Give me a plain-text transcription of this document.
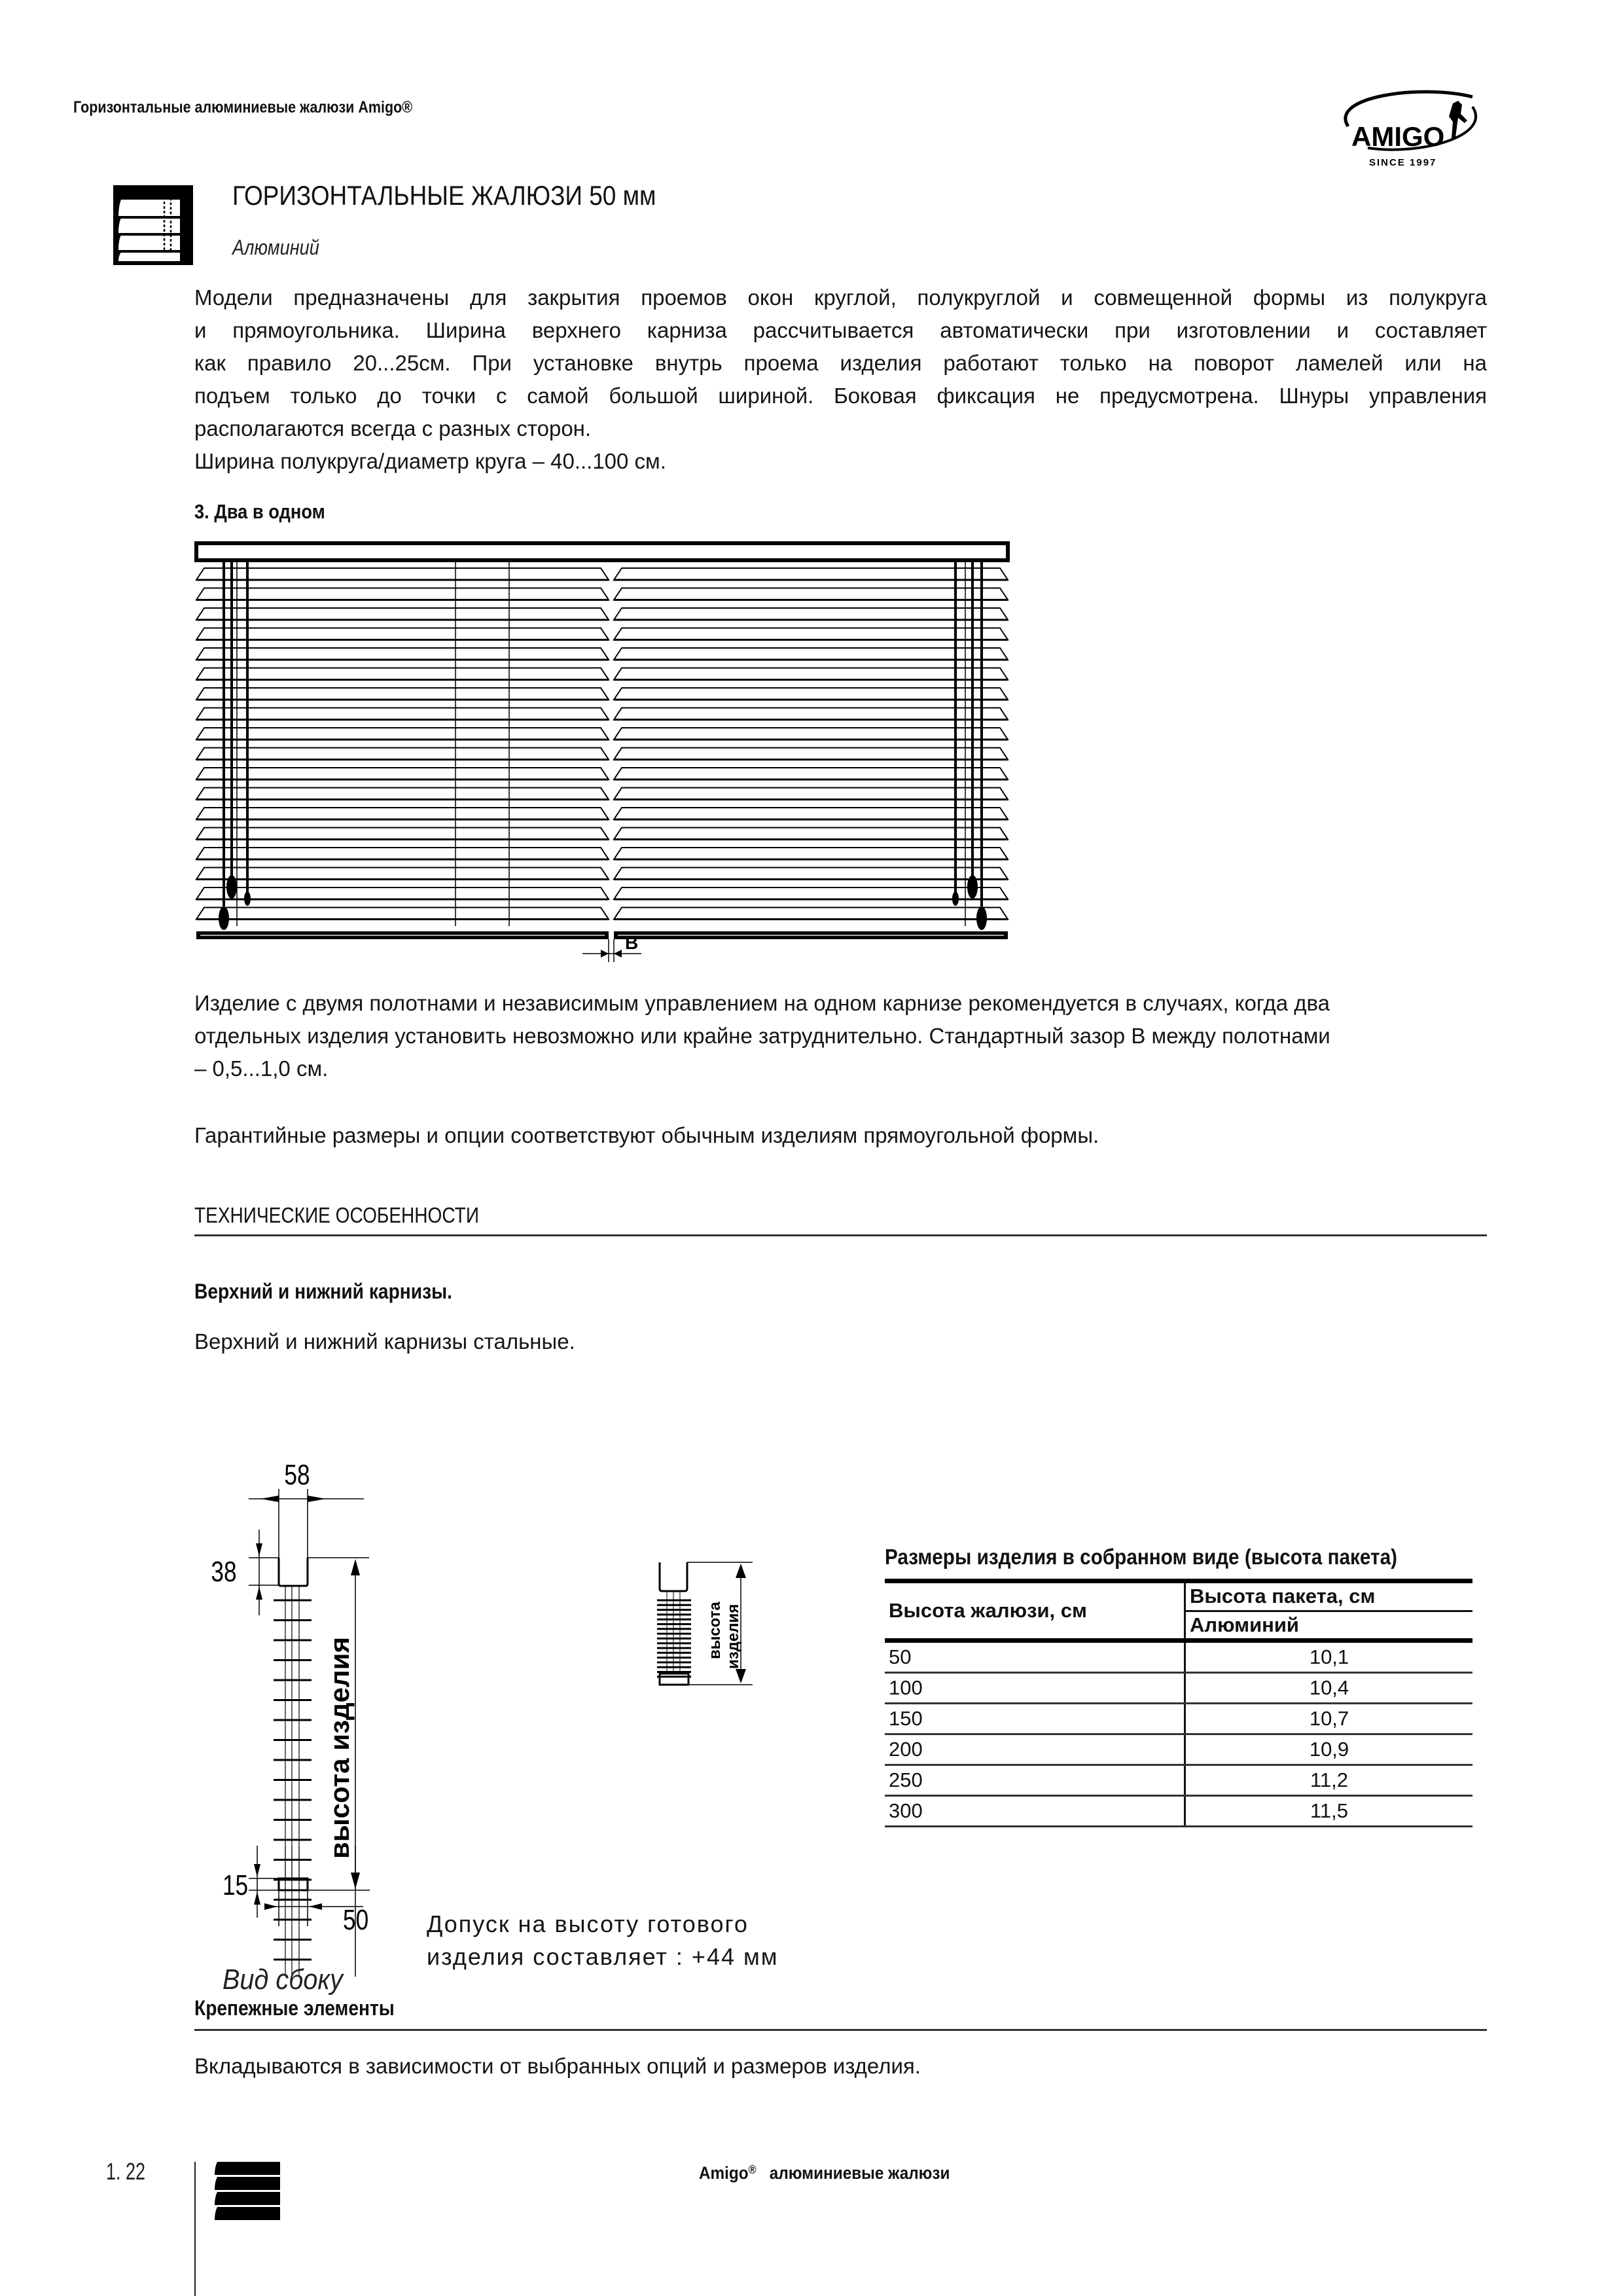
Горизонтальные алюминиевые жалюзи Amigo®
AMIGO
SINCE 1997
ГОРИЗОНТАЛЬНЫЕ ЖАЛЮЗИ 50 мм
Алюминий
Модели предназначены для закрытия проемов окон круглой, полукруглой и совмещенной формы из полукруга
и прямоугольника. Ширина верхнего карниза рассчитывается автоматически при изготовлении и составляет
как правило 20...25см. При установке внутрь проема изделия работают только на поворот ламелей или на
подъем только до точки с самой большой шириной. Боковая фиксация не предусмотрена. Шнуры управления
располагаются всегда с разных сторон.
Ширина полукруга/диаметр круга – 40...100 см.
3. Два в одном
B
Изделие с двумя полотнами и независимым управлением на одном карнизе рекомендуется в случаях, когда два
отдельных изделия установить невозможно или крайне затруднительно. Стандартный зазор В между полотнами
– 0,5...1,0 см.
Гарантийные размеры и опции соответствуют обычным изделиям прямоугольной формы.
ТЕХНИЧЕСКИЕ ОСОБЕННОСТИ
Верхний и нижний карнизы.
Верхний и нижний карнизы стальные.
58
38
высота изделия
15
50
Вид сбоку
высота изделия
Допуск на высоту готового
изделия составляет : +44 мм
Размеры изделия в собранном виде (высота пакета)
Высота жалюзи, см	Высота пакета, см
	Алюминий
50	10,1
100	10,4
150	10,7
200	10,9
250	11,2
300	11,5
Крепежные элементы
Вкладываются в зависимости от выбранных опций и размеров изделия.
1. 22	Amigo® алюминиевые жалюзи
